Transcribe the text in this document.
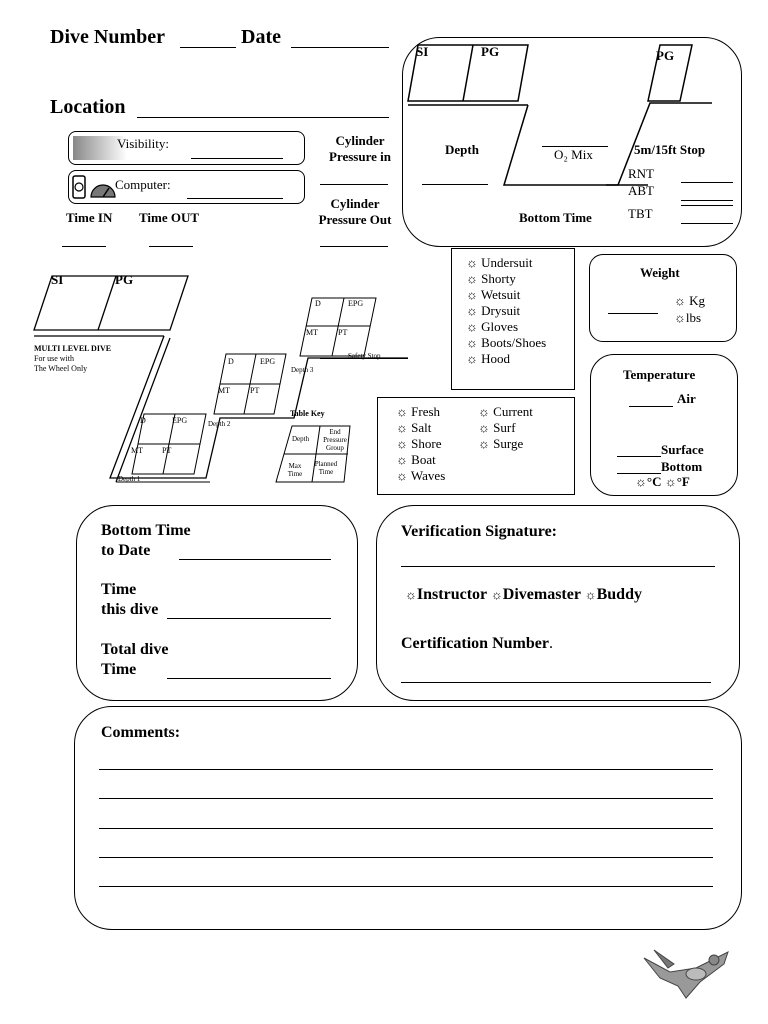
Dive Number	Date
Location
Visibility:
Computer:
Time IN Time OUT
Cylinder
Pressure in
Cylinder
Pressure Out
SI	PG	PG
Depth	O₂ Mix	5m/15ft Stop
RNT
ABT
TBT
Bottom Time
SI	PG
MULTI LEVEL DIVE
For use with
The Wheel Only
D	EPG
MT PT
Depth 1
D	EPG
MT	PT
Depth 2
D	EPG
MT	PT
Depth 3
Safety Stop
Table Key
Depth
End Pressure Group
Max Time
Planned Time
☼ Undersuit
☼ Shorty
☼ Wetsuit
☼ Drysuit
☼ Gloves
☼ Boots/Shoes
☼ Hood
Weight
☼ Kg
☼lbs
☼ Fresh
☼ Salt
☼ Shore
☼ Boat
☼ Waves
☼ Current
☼ Surf
☼ Surge
Temperature
Air
Surface
Bottom
☼°C ☼°F
Bottom Time
to Date
Time
this dive
Total dive
Time
Verification Signature:
☼Instructor ☼Divemaster ☼Buddy
Certification Number.
Comments:
